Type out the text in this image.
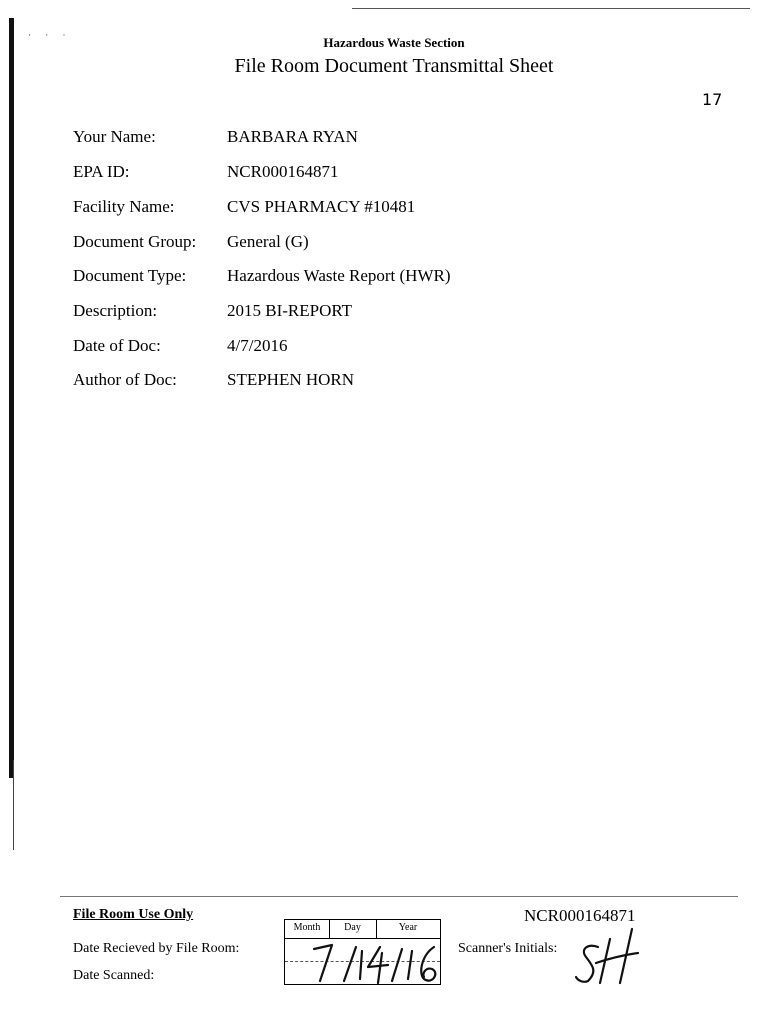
· · ·	Hazardous Waste Section
File Room Document Transmittal Sheet
17
Your Name:	BARBARA RYAN
EPA ID:	NCR000164871
Facility Name:	CVS PHARMACY #10481
Document Group: General (G)
Document Type: Hazardous Waste Report (HWR)
Description:	2015 BI-REPORT
Date of Doc:	4/7/2016
Author of Doc:	STEPHEN HORN
File Room Use Only
Date Recieved by File Room:
Date Scanned:
NCR000164871
Scanner's Initials:
Month	Day	Year
